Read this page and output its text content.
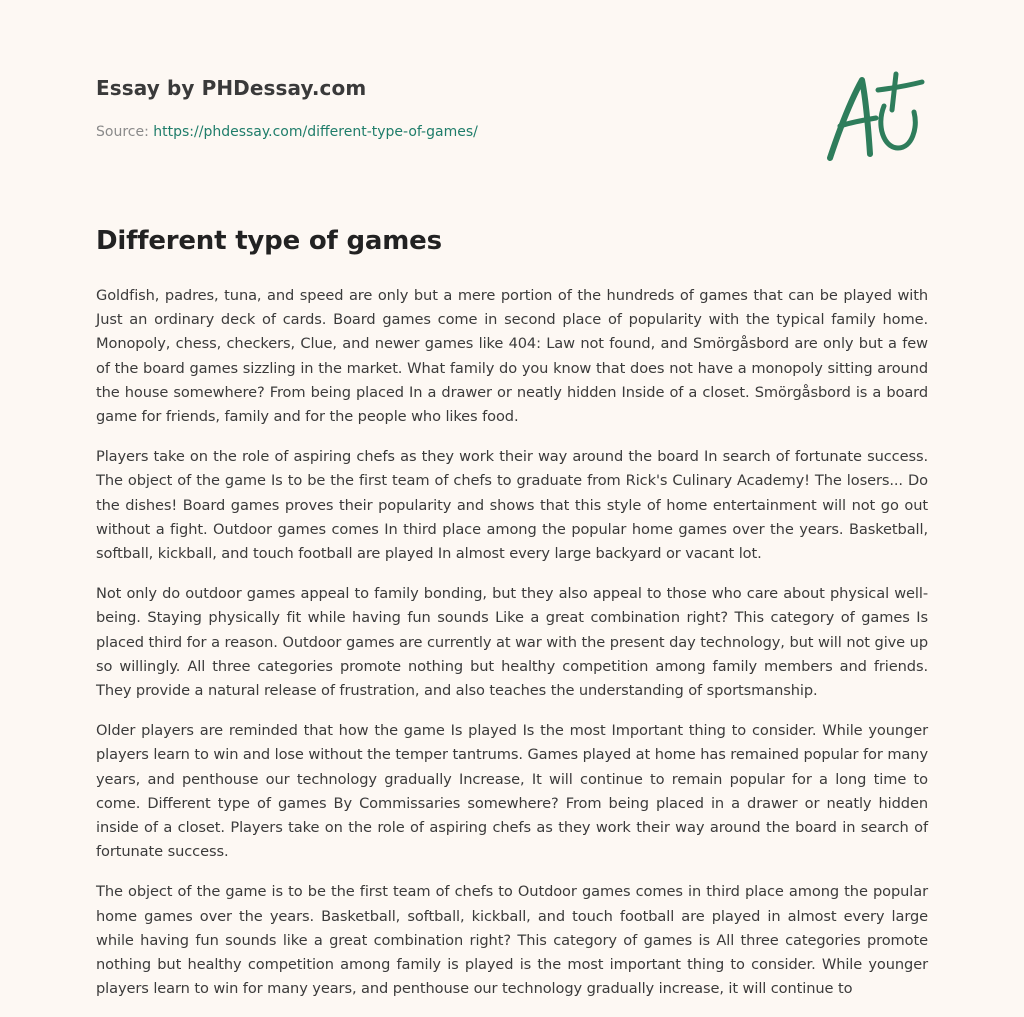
Essay by PHDessay.com
Source: https://phdessay.com/different-type-of-games/
Different type of games

Goldfish, padres, tuna, and speed are only but a mere portion of the hundreds of games that can be played with Just an ordinary deck of cards. Board games come in second place of popularity with the typical family home. Monopoly, chess, checkers, Clue, and newer games like 404: Law not found, and Smörgåsbord are only but a few of the board games sizzling in the market. What family do you know that does not have a monopoly sitting around the house somewhere? From being placed In a drawer or neatly hidden Inside of a closet. Smörgåsbord is a board game for friends, family and for the people who likes food.

Players take on the role of aspiring chefs as they work their way around the board In search of fortunate success. The object of the game Is to be the first team of chefs to graduate from Rick's Culinary Academy! The losers... Do the dishes! Board games proves their popularity and shows that this style of home entertainment will not go out without a fight. Outdoor games comes In third place among the popular home games over the years. Basketball, softball, kickball, and touch football are played In almost every large backyard or vacant lot.

Not only do outdoor games appeal to family bonding, but they also appeal to those who care about physical well-being. Staying physically fit while having fun sounds Like a great combination right? This category of games Is placed third for a reason. Outdoor games are currently at war with the present day technology, but will not give up so willingly. All three categories promote nothing but healthy competition among family members and friends. They provide a natural release of frustration, and also teaches the understanding of sportsmanship.

Older players are reminded that how the game Is played Is the most Important thing to consider. While younger players learn to win and lose without the temper tantrums. Games played at home has remained popular for many years, and penthouse our technology gradually Increase, It will continue to remain popular for a long time to come. Different type of games By Commissaries somewhere? From being placed in a drawer or neatly hidden inside of a closet. Players take on the role of aspiring chefs as they work their way around the board in search of fortunate success.

The object of the game is to be the first team of chefs to Outdoor games comes in third place among the popular home games over the years. Basketball, softball, kickball, and touch football are played in almost every large while having fun sounds like a great combination right? This category of games is All three categories promote nothing but healthy competition among family is played is the most important thing to consider. While younger players learn to win for many years, and penthouse our technology gradually increase, it will continue to
